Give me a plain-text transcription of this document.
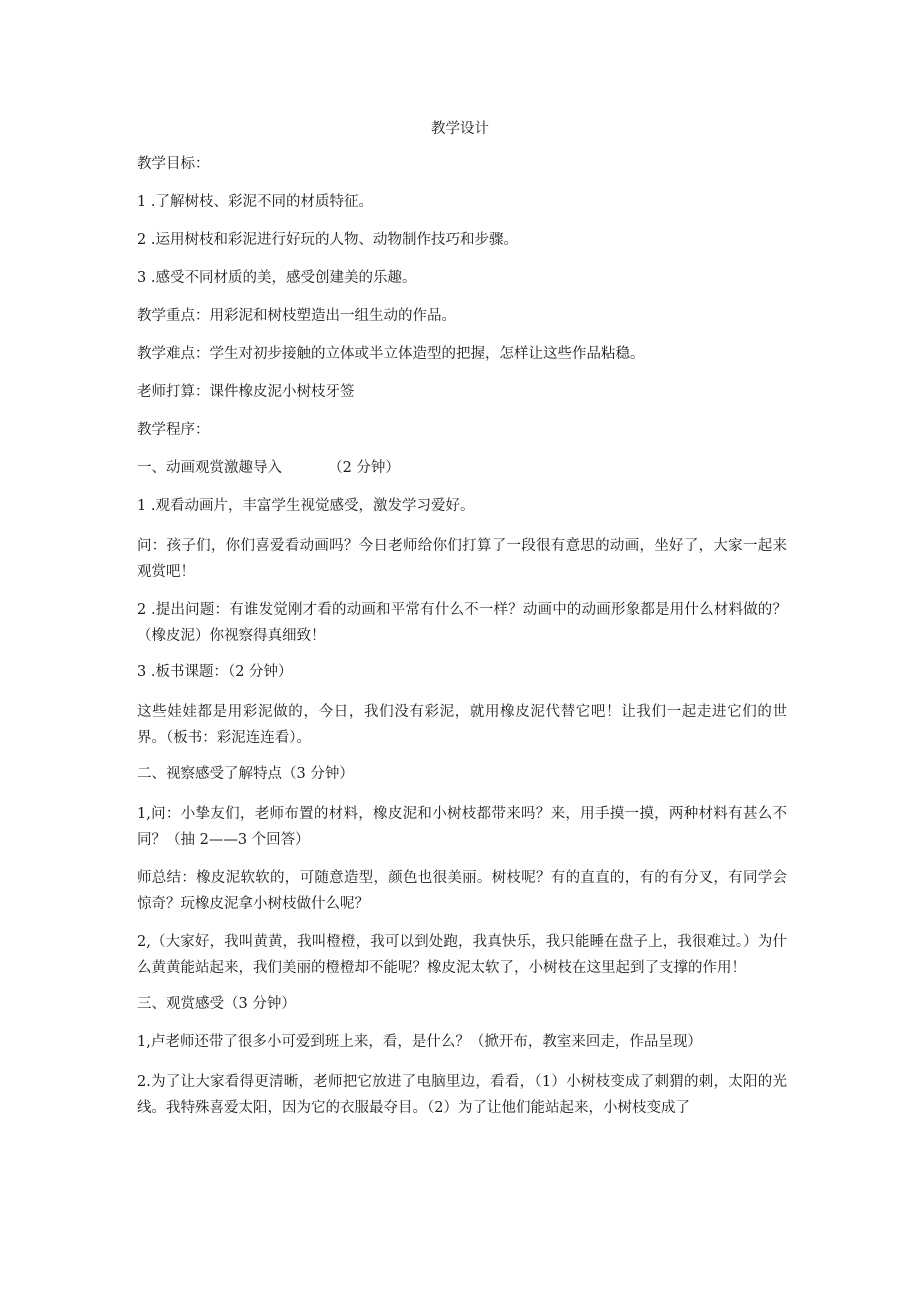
教学设计

教学目标：

1 .了解树枝、彩泥不同的材质特征。

2 .运用树枝和彩泥进行好玩的人物、动物制作技巧和步骤。

3 .感受不同材质的美，感受创建美的乐趣。

教学重点：用彩泥和树枝塑造出一组生动的作品。

教学难点：学生对初步接触的立体或半立体造型的把握，怎样让这些作品粘稳。

老师打算：课件橡皮泥小树枝牙签

教学程序：

一、动画观赏激趣导入          （2 分钟）

1 .观看动画片，丰富学生视觉感受，激发学习爱好。

问：孩子们，你们喜爱看动画吗？今日老师给你们打算了一段很有意思的动画，坐好了，大家一起来观赏吧！

2 .提出问题：有谁发觉刚才看的动画和平常有什么不一样？动画中的动画形象都是用什么材料做的？（橡皮泥）你视察得真细致！

3 .板书课题：（2 分钟）

这些娃娃都是用彩泥做的，今日，我们没有彩泥，就用橡皮泥代替它吧！让我们一起走进它们的世界。（板书：彩泥连连看）。

二、视察感受了解特点（3 分钟）

1,问：小挚友们，老师布置的材料，橡皮泥和小树枝都带来吗？来，用手摸一摸，两种材料有甚么不同？（抽 2——3 个回答）

师总结：橡皮泥软软的，可随意造型，颜色也很美丽。树枝呢？有的直直的，有的有分叉，有同学会惊奇？玩橡皮泥拿小树枝做什么呢？

2,（大家好，我叫黄黄，我叫橙橙，我可以到处跑，我真快乐，我只能睡在盘子上，我很难过。）为什么黄黄能站起来，我们美丽的橙橙却不能呢？橡皮泥太软了，小树枝在这里起到了支撑的作用！

三、观赏感受（3 分钟）

1,卢老师还带了很多小可爱到班上来，看，是什么？（掀开布，教室来回走，作品呈现）

2.为了让大家看得更清晰，老师把它放进了电脑里边，看看，（1）小树枝变成了刺猬的刺，太阳的光线。我特殊喜爱太阳，因为它的衣服最夺目。（2）为了让他们能站起来，小树枝变成了
